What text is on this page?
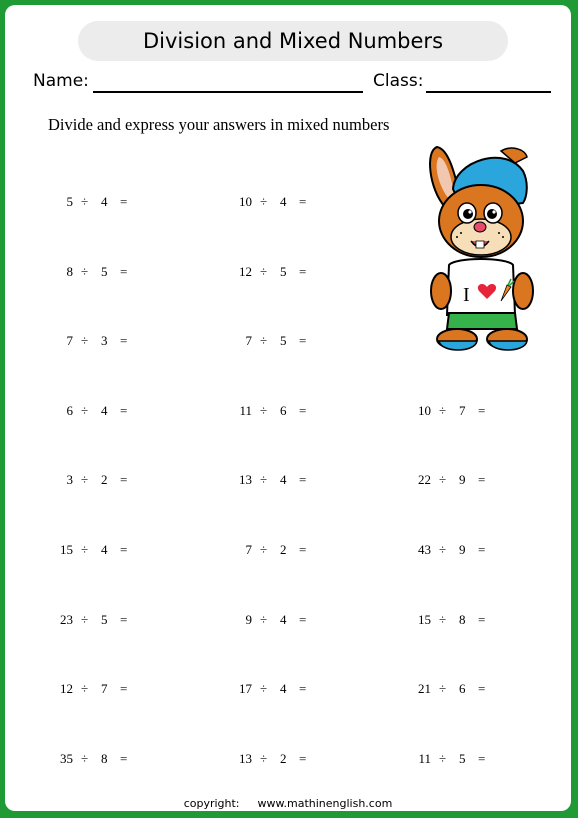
Division and Mixed Numbers
Name:	Class:
Divide and express your answers in mixed numbers
5 ÷ 4 =	10 ÷ 4 =
8 ÷ 5 =	12 ÷ 5 =
7 ÷ 3 =	7 ÷ 5 =
6 ÷ 4 =	11 ÷ 6 =	10 ÷ 7 =
3 ÷ 2 =	13 ÷ 4 =	22 ÷ 9 =
15 ÷ 4 =	7 ÷ 2 =	43 ÷ 9 =
23 ÷ 5 =	9 ÷ 4 =	15 ÷ 8 =
12 ÷ 7 =	17 ÷ 4 =	21 ÷ 6 =
35 ÷ 8 =	13 ÷ 2 =	11 ÷ 5 =
I
copyright: www.mathinenglish.com
